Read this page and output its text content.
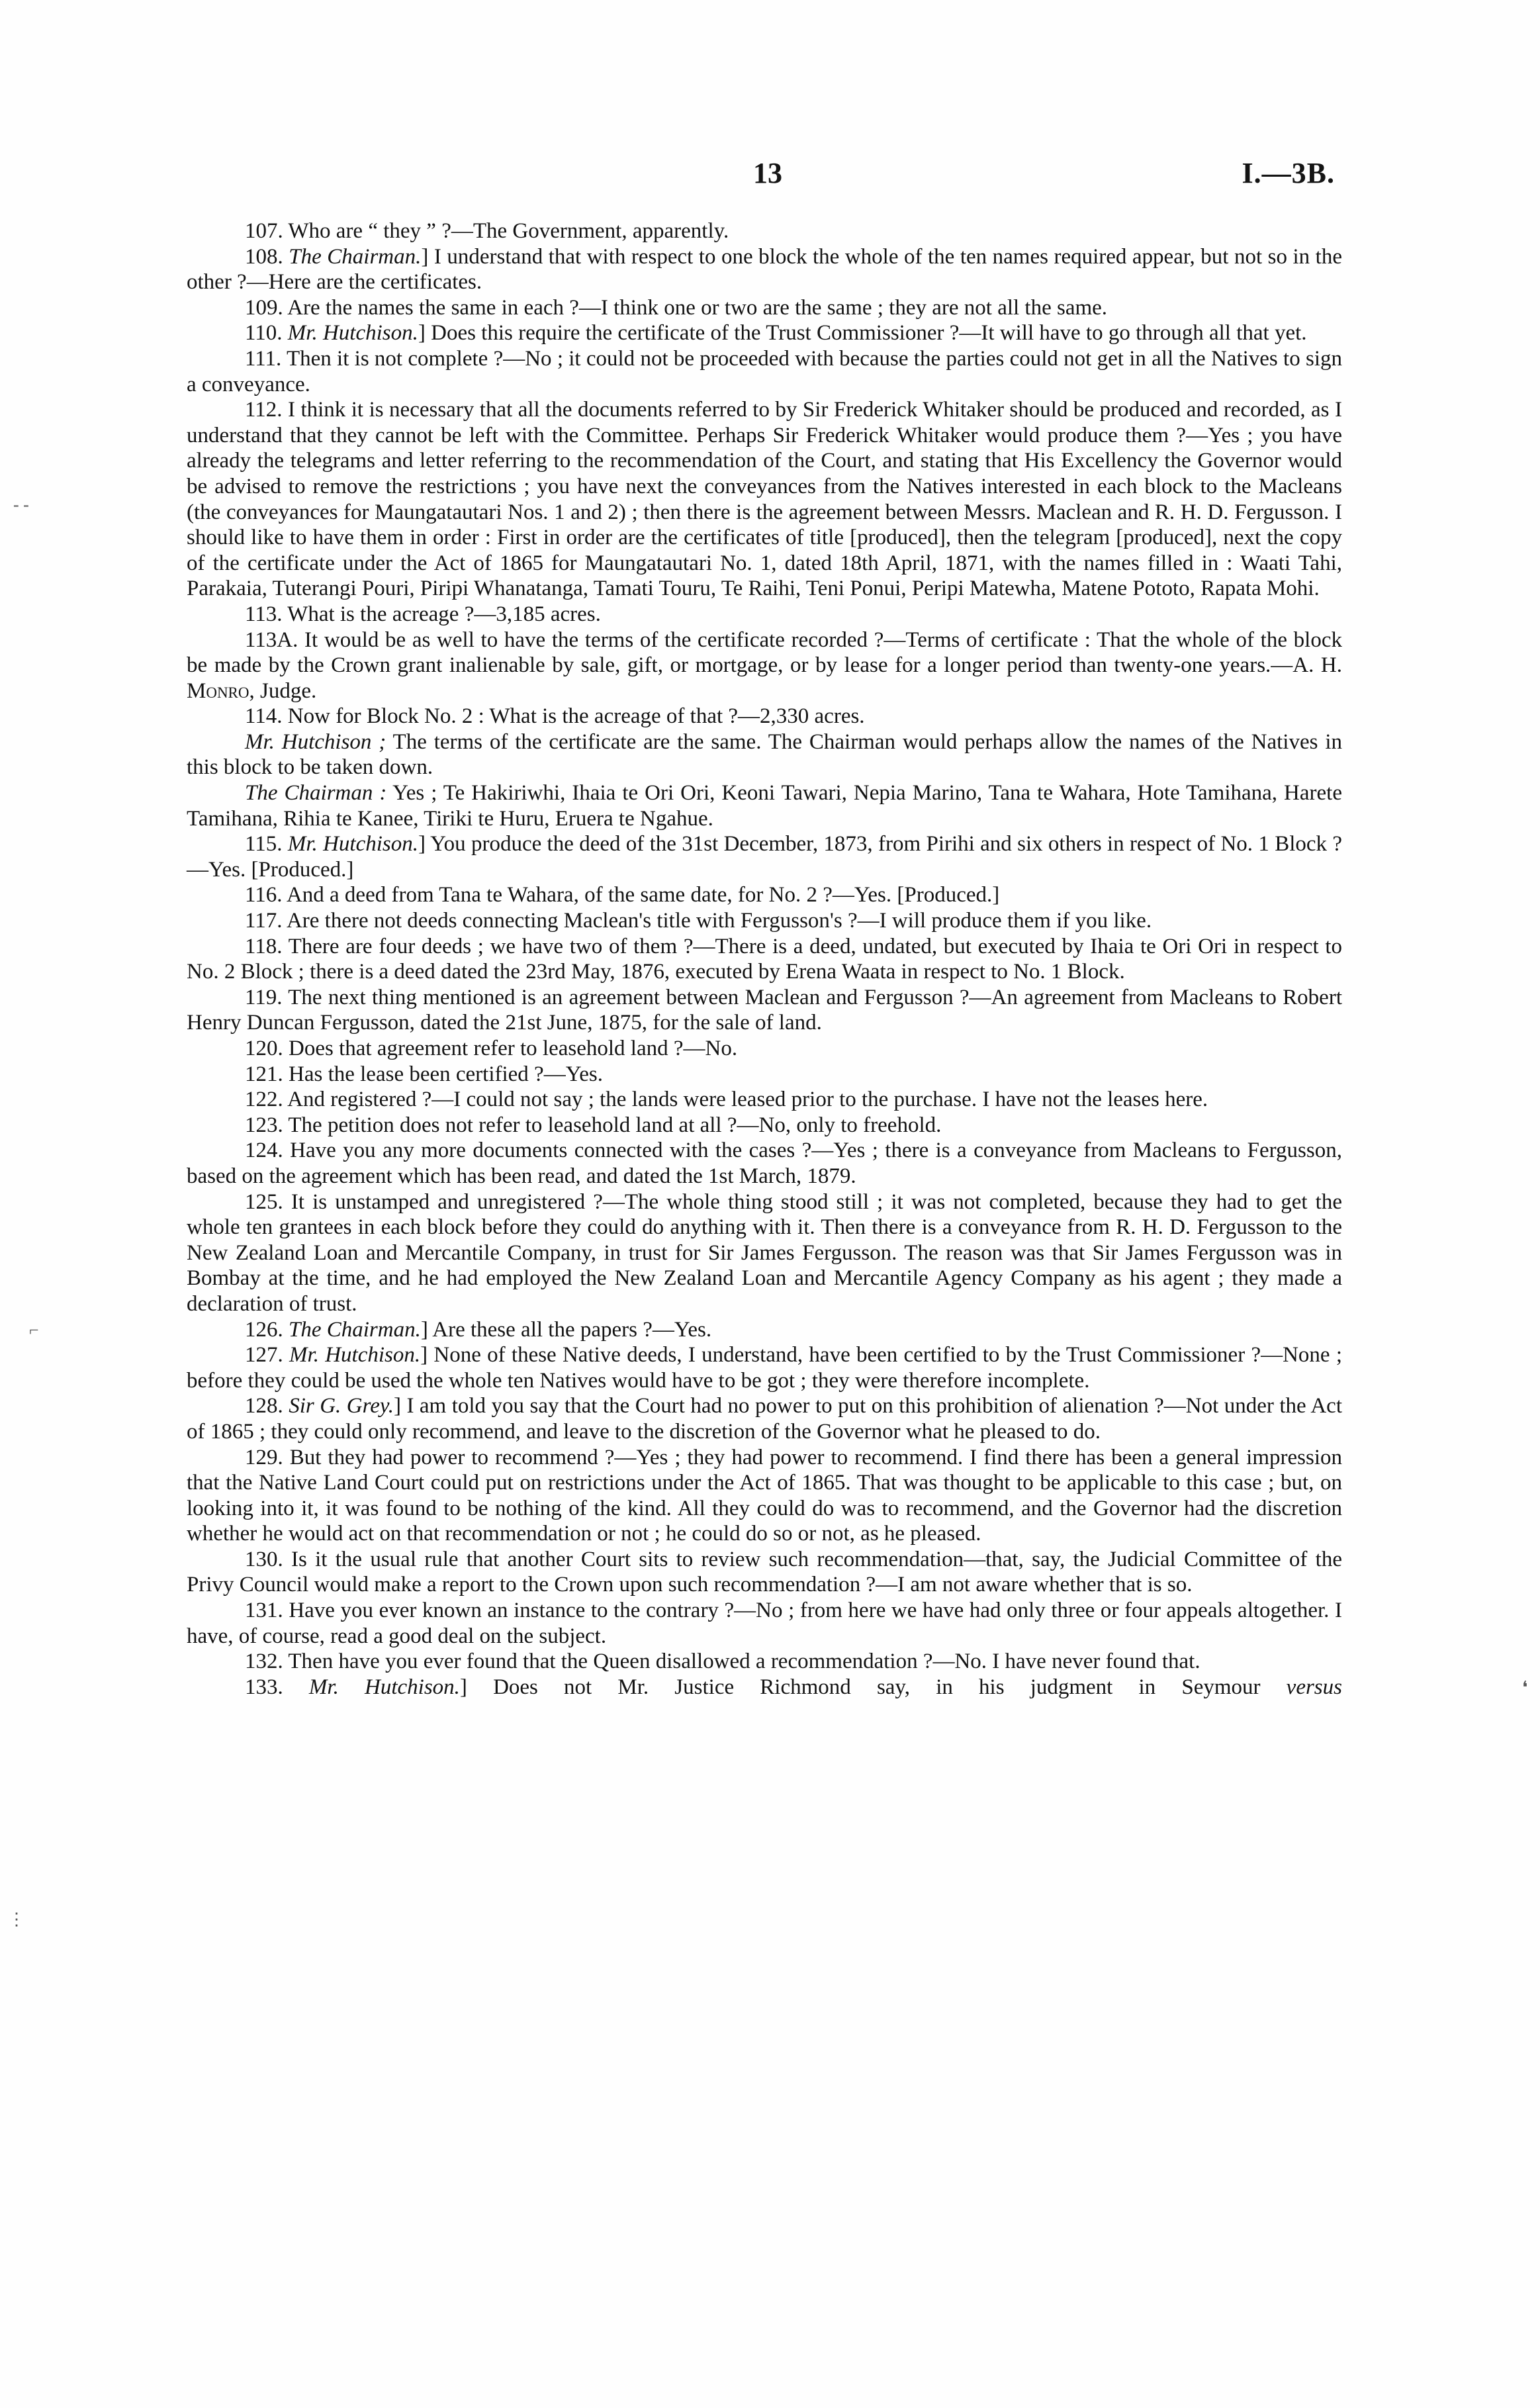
13	I.—3B.

107. Who are “ they ” ?—The Government, apparently.

108. The Chairman.] I understand that with respect to one block the whole of the ten names required appear, but not so in the other ?—Here are the certificates.

109. Are the names the same in each ?—I think one or two are the same ; they are not all the same.

110. Mr. Hutchison.] Does this require the certificate of the Trust Commissioner ?—It will have to go through all that yet.

111. Then it is not complete ?—No ; it could not be proceeded with because the parties could not get in all the Natives to sign a conveyance.

112. I think it is necessary that all the documents referred to by Sir Frederick Whitaker should be produced and recorded, as I understand that they cannot be left with the Committee. Perhaps Sir Frederick Whitaker would produce them ?—Yes ; you have already the telegrams and letter referring to the recommendation of the Court, and stating that His Excellency the Governor would be advised to remove the restrictions ; you have next the conveyances from the Natives interested in each block to the Macleans (the conveyances for Maungatautari Nos. 1 and 2) ; then there is the agreement between Messrs. Maclean and R. H. D. Fergusson. I should like to have them in order : First in order are the certificates of title [produced], then the telegram [produced], next the copy of the certificate under the Act of 1865 for Maungatautari No. 1, dated 18th April, 1871, with the names filled in : Waati Tahi, Parakaia, Tuterangi Pouri, Piripi Whanatanga, Tamati Touru, Te Raihi, Teni Ponui, Peripi Matewha, Matene Pototo, Rapata Mohi.

113. What is the acreage ?—3,185 acres.

113A. It would be as well to have the terms of the certificate recorded ?—Terms of certificate : That the whole of the block be made by the Crown grant inalienable by sale, gift, or mortgage, or by lease for a longer period than twenty-one years.—A. H. Monro, Judge.

114. Now for Block No. 2 : What is the acreage of that ?—2,330 acres.

Mr. Hutchison ; The terms of the certificate are the same. The Chairman would perhaps allow the names of the Natives in this block to be taken down.

The Chairman : Yes ; Te Hakiriwhi, Ihaia te Ori Ori, Keoni Tawari, Nepia Marino, Tana te Wahara, Hote Tamihana, Harete Tamihana, Rihia te Kanee, Tiriki te Huru, Eruera te Ngahue.

115. Mr. Hutchison.] You produce the deed of the 31st December, 1873, from Pirihi and six others in respect of No. 1 Block ?—Yes. [Produced.]

116. And a deed from Tana te Wahara, of the same date, for No. 2 ?—Yes. [Produced.]

117. Are there not deeds connecting Maclean's title with Fergusson's ?—I will produce them if you like.

118. There are four deeds ; we have two of them ?—There is a deed, undated, but executed by Ihaia te Ori Ori in respect to No. 2 Block ; there is a deed dated the 23rd May, 1876, executed by Erena Waata in respect to No. 1 Block.

119. The next thing mentioned is an agreement between Maclean and Fergusson ?—An agreement from Macleans to Robert Henry Duncan Fergusson, dated the 21st June, 1875, for the sale of land.

120. Does that agreement refer to leasehold land ?—No.

121. Has the lease been certified ?—Yes.

122. And registered ?—I could not say ; the lands were leased prior to the purchase. I have not the leases here.

123. The petition does not refer to leasehold land at all ?—No, only to freehold.

124. Have you any more documents connected with the cases ?—Yes ; there is a conveyance from Macleans to Fergusson, based on the agreement which has been read, and dated the 1st March, 1879.

125. It is unstamped and unregistered ?—The whole thing stood still ; it was not completed, because they had to get the whole ten grantees in each block before they could do anything with it. Then there is a conveyance from R. H. D. Fergusson to the New Zealand Loan and Mercantile Company, in trust for Sir James Fergusson. The reason was that Sir James Fergusson was in Bombay at the time, and he had employed the New Zealand Loan and Mercantile Agency Company as his agent ; they made a declaration of trust.

126. The Chairman.] Are these all the papers ?—Yes.

127. Mr. Hutchison.] None of these Native deeds, I understand, have been certified to by the Trust Commissioner ?—None ; before they could be used the whole ten Natives would have to be got ; they were therefore incomplete.

128. Sir G. Grey.] I am told you say that the Court had no power to put on this prohibition of alienation ?—Not under the Act of 1865 ; they could only recommend, and leave to the discretion of the Governor what he pleased to do.

129. But they had power to recommend ?—Yes ; they had power to recommend. I find there has been a general impression that the Native Land Court could put on restrictions under the Act of 1865. That was thought to be applicable to this case ; but, on looking into it, it was found to be nothing of the kind. All they could do was to recommend, and the Governor had the discretion whether he would act on that recommendation or not ; he could do so or not, as he pleased.

130. Is it the usual rule that another Court sits to review such recommendation—that, say, the Judicial Committee of the Privy Council would make a report to the Crown upon such recommendation ?—I am not aware whether that is so.

131. Have you ever known an instance to the contrary ?—No ; from here we have had only three or four appeals altogether. I have, of course, read a good deal on the subject.

132. Then have you ever found that the Queen disallowed a recommendation ?—No. I have never found that.

133. Mr. Hutchison.] Does not Mr. Justice Richmond say, in his judgment in Seymour versus

- -
⌐
❛
⋮
